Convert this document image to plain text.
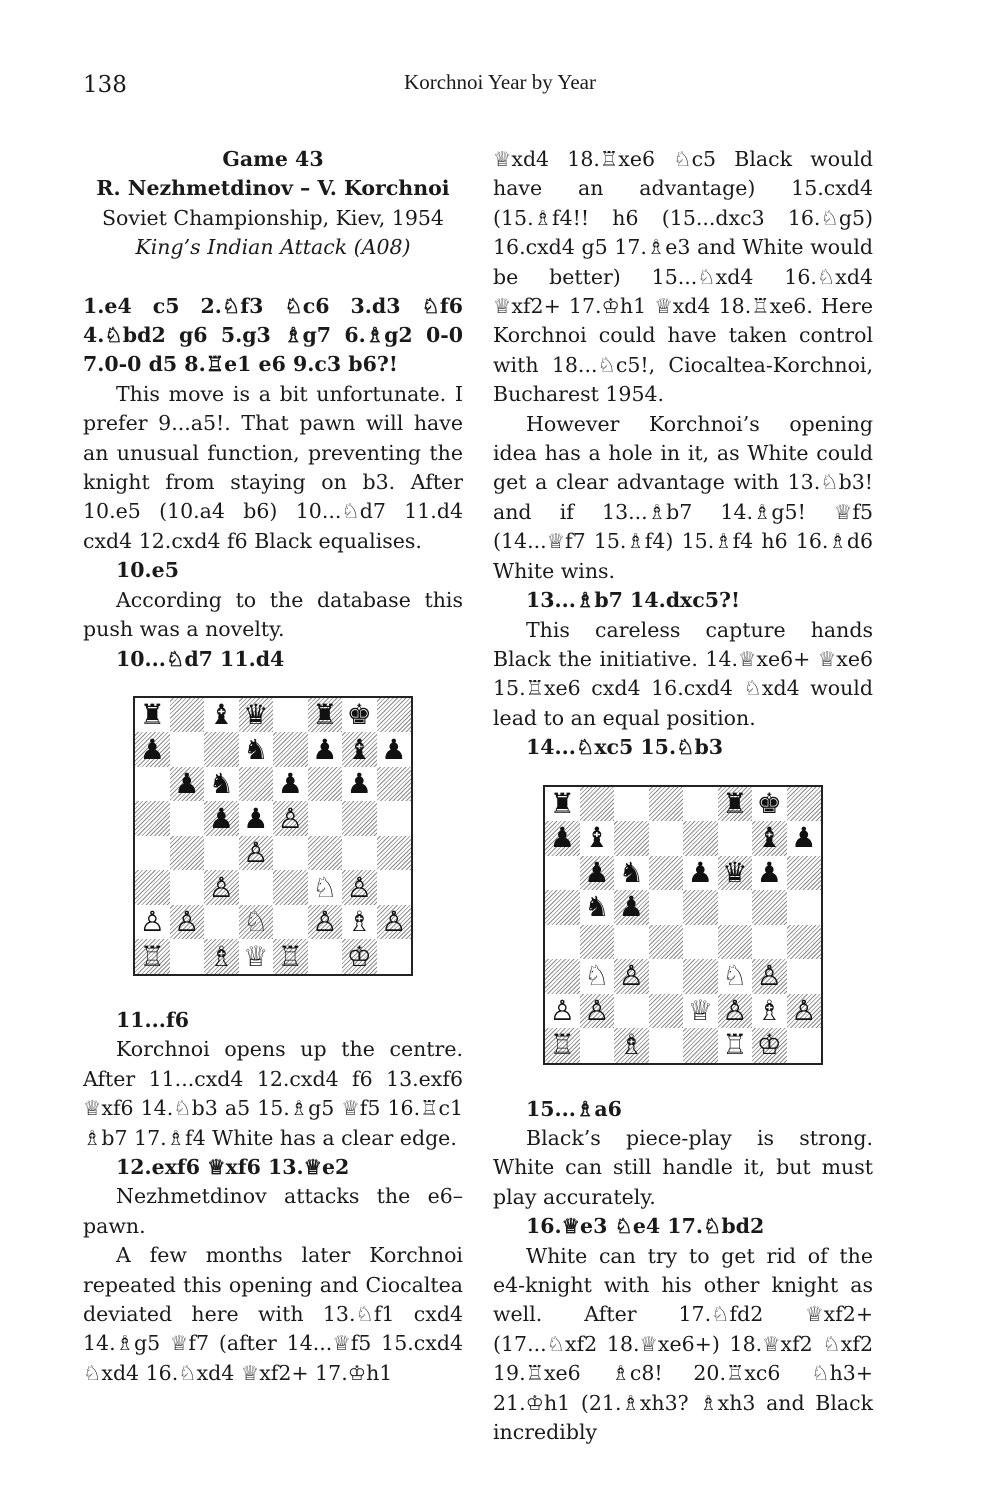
138	Korchnoi Year by Year

Game 43

R. Nezhmetdinov – V. Korchnoi

Soviet Championship, Kiev, 1954

King’s Indian Attack (A08)

1.e4 c5 2.♘f3 ♘c6 3.d3 ♘f6 4.♘bd2 g6 5.g3 ♗g7 6.♗g2 0-0 7.0-0 d5 8.♖e1 e6 9.c3 b6?!

This move is a bit unfortunate. I prefer 9...a5!. That pawn will have an unusual function, preventing the knight from staying on b3. After 10.e5 (10.a4 b6) 10...♘d7 11.d4 cxd4 12.cxd4 f6 Black equalises.

10.e5

According to the database this push was a novelty.

10...♘d7 11.d4

♜ ♝ ♛ ♜ ♚
♟	♞ ♟ ♝ ♟
♟ ♞ ♟ ♟
♟ ♟ ♙
♙
♙	♘ ♙
♙ ♙ ♘ ♙ ♗ ♙
♖ ♗ ♕ ♖ ♔

11...f6

Korchnoi opens up the centre. After 11...cxd4 12.cxd4 f6 13.exf6 ♕xf6 14.♘b3 a5 15.♗g5 ♕f5 16.♖c1 ♗b7 17.♗f4 White has a clear edge.

12.exf6 ♕xf6 13.♕e2

Nezhmetdinov attacks the e6–pawn.

A few months later Korchnoi repeated this opening and Ciocaltea deviated here with 13.♘f1 cxd4 14.♗g5 ♕f7 (after 14...♕f5 15.cxd4 ♘xd4 16.♘xd4 ♕xf2+ 17.♔h1

♕xd4 18.♖xe6 ♘c5 Black would have an advantage) 15.cxd4 (15.♗f4!! h6 (15...dxc3 16.♘g5) 16.cxd4 g5 17.♗e3 and White would be better) 15...♘xd4 16.♘xd4 ♕xf2+ 17.♔h1 ♕xd4 18.♖xe6. Here Korchnoi could have taken control with 18...♘c5!, Ciocaltea-Korchnoi, Bucharest 1954.

However Korchnoi’s opening idea has a hole in it, as White could get a clear advantage with 13.♘b3! and if 13...♗b7 14.♗g5! ♕f5 (14...♕f7 15.♗f4) 15.♗f4 h6 16.♗d6 White wins.

13...♗b7 14.dxc5?!

This careless capture hands Black the initiative. 14.♕xe6+ ♕xe6 15.♖xe6 cxd4 16.cxd4 ♘xd4 would lead to an equal position.

14...♘xc5 15.♘b3

♜	♜ ♚
♟ ♝	♝ ♟
♟ ♞ ♟ ♛ ♟
♞ ♟
♘ ♙	♘ ♙
♙ ♙	♕ ♙ ♗ ♙
♖ ♗	♖ ♔

15...♗a6

Black’s piece-play is strong. White can still handle it, but must play accurately.

16.♕e3 ♘e4 17.♘bd2

White can try to get rid of the e4-knight with his other knight as well. After 17.♘fd2 ♕xf2+ (17...♘xf2 18.♕xe6+) 18.♕xf2 ♘xf2 19.♖xe6 ♗c8! 20.♖xc6 ♘h3+ 21.♔h1 (21.♗xh3? ♗xh3 and Black incredibly
